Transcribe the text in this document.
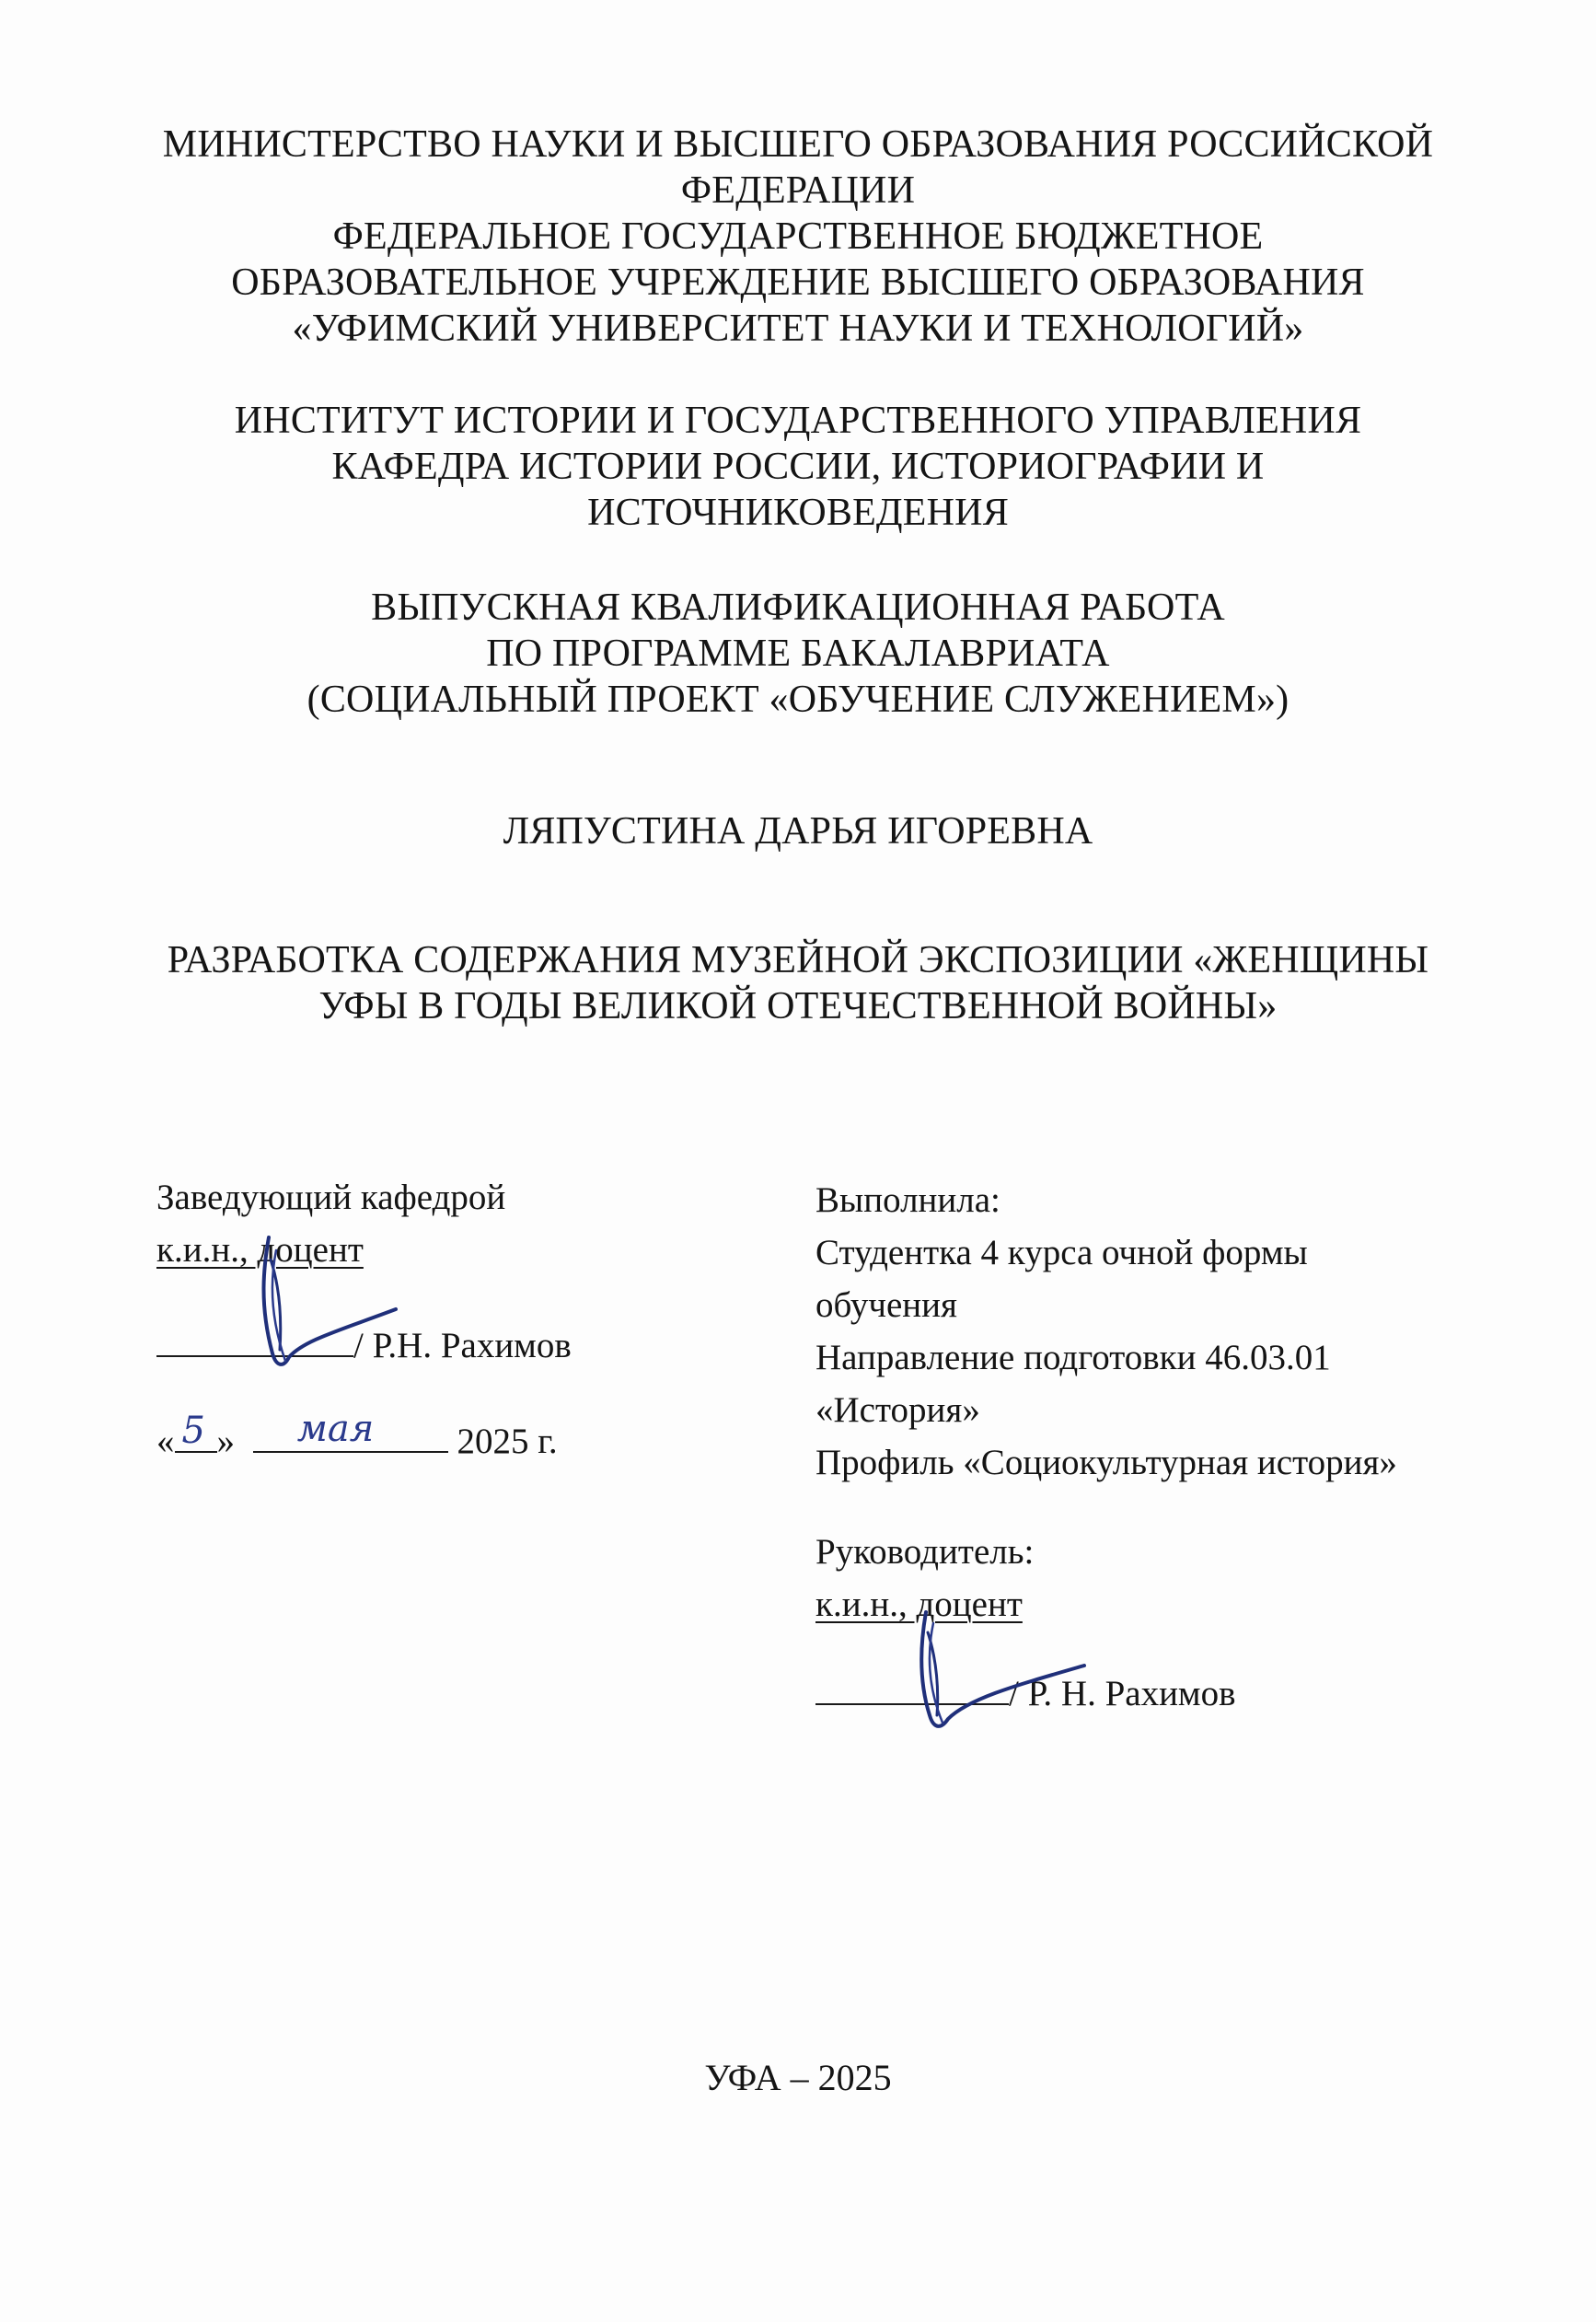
МИНИСТЕРСТВО НАУКИ И ВЫСШЕГО ОБРАЗОВАНИЯ РОССИЙСКОЙ
ФЕДЕРАЦИИ
ФЕДЕРАЛЬНОЕ ГОСУДАРСТВЕННОЕ БЮДЖЕТНОЕ
ОБРАЗОВАТЕЛЬНОЕ УЧРЕЖДЕНИЕ ВЫСШЕГО ОБРАЗОВАНИЯ
«УФИМСКИЙ УНИВЕРСИТЕТ НАУКИ И ТЕХНОЛОГИЙ»
ИНСТИТУТ ИСТОРИИ И ГОСУДАРСТВЕННОГО УПРАВЛЕНИЯ
КАФЕДРА ИСТОРИИ РОССИИ, ИСТОРИОГРАФИИ И
ИСТОЧНИКОВЕДЕНИЯ
ВЫПУСКНАЯ КВАЛИФИКАЦИОННАЯ РАБОТА
ПО ПРОГРАММЕ БАКАЛАВРИАТА
(СОЦИАЛЬНЫЙ ПРОЕКТ «ОБУЧЕНИЕ СЛУЖЕНИЕМ»)
ЛЯПУСТИНА ДАРЬЯ ИГОРЕВНА
РАЗРАБОТКА СОДЕРЖАНИЯ МУЗЕЙНОЙ ЭКСПОЗИЦИИ «ЖЕНЩИНЫ
УФЫ В ГОДЫ ВЕЛИКОЙ ОТЕЧЕСТВЕННОЙ ВОЙНЫ»
Заведующий кафедрой
к.и.н., доцент
/ Р.Н. Рахимов
« 5 » мая 2025 г.
Выполнила:
Студентка 4 курса очной формы
обучения
Направление подготовки 46.03.01
«История»
Профиль «Социокультурная история»
Руководитель:
к.и.н., доцент
/ Р. Н. Рахимов
УФА – 2025
